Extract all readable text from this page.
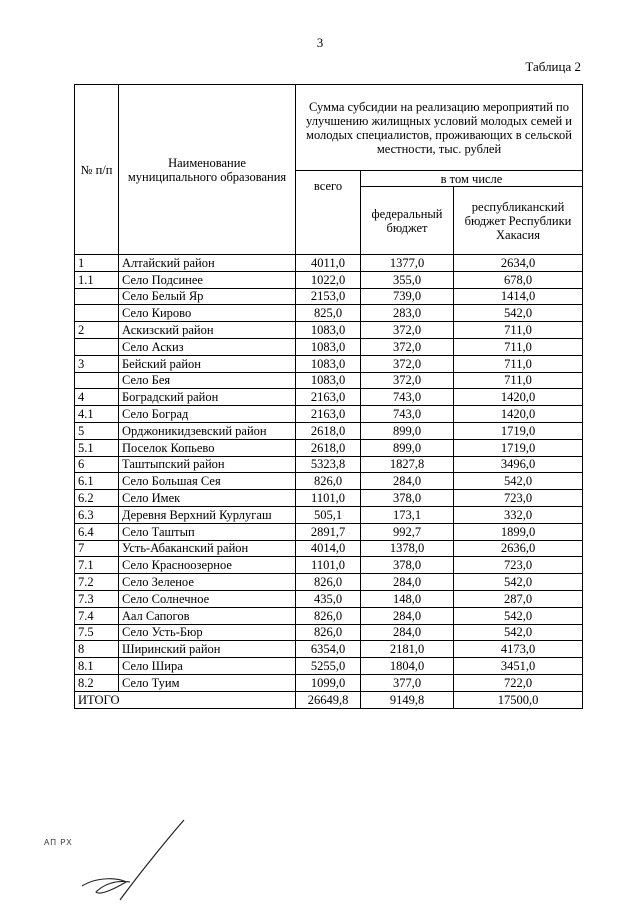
3
Таблица 2
№ п/п	Наименование муниципального образования	Сумма субсидии на реализацию мероприятий по улучшению жилищных условий молодых семей и молодых специалистов, проживающих в сельской местности, тыс. рублей		
		всего	в том числе	
			федеральный бюджет	республиканский бюджет Республики Хакасия
1	Алтайский район	4011,0	1377,0	2634,0
1.1	Село Подсинее	1022,0	355,0	678,0
	Село Белый Яр	2153,0	739,0	1414,0
	Село Кирово	825,0	283,0	542,0
2	Аскизский район	1083,0	372,0	711,0
	Село Аскиз	1083,0	372,0	711,0
3	Бейский район	1083,0	372,0	711,0
	Село Бея	1083,0	372,0	711,0
4	Боградский район	2163,0	743,0	1420,0
4.1	Село Боград	2163,0	743,0	1420,0
5	Орджоникидзевский район	2618,0	899,0	1719,0
5.1	Поселок Копьево	2618,0	899,0	1719,0
6	Таштыпский район	5323,8	1827,8	3496,0
6.1	Село Большая Сея	826,0	284,0	542,0
6.2	Село Имек	1101,0	378,0	723,0
6.3	Деревня Верхний Курлугаш	505,1	173,1	332,0
6.4	Село Таштып	2891,7	992,7	1899,0
7	Усть-Абаканский район	4014,0	1378,0	2636,0
7.1	Село Красноозерное	1101,0	378,0	723,0
7.2	Село Зеленое	826,0	284,0	542,0
7.3	Село Солнечное	435,0	148,0	287,0
7.4	Аал Сапогов	826,0	284,0	542,0
7.5	Село Усть-Бюр	826,0	284,0	542,0
8	Ширинский район	6354,0	2181,0	4173,0
8.1	Село Шира	5255,0	1804,0	3451,0
8.2	Село Туим	1099,0	377,0	722,0
ИТОГО		26649,8	9149,8	17500,0
АП РХ
